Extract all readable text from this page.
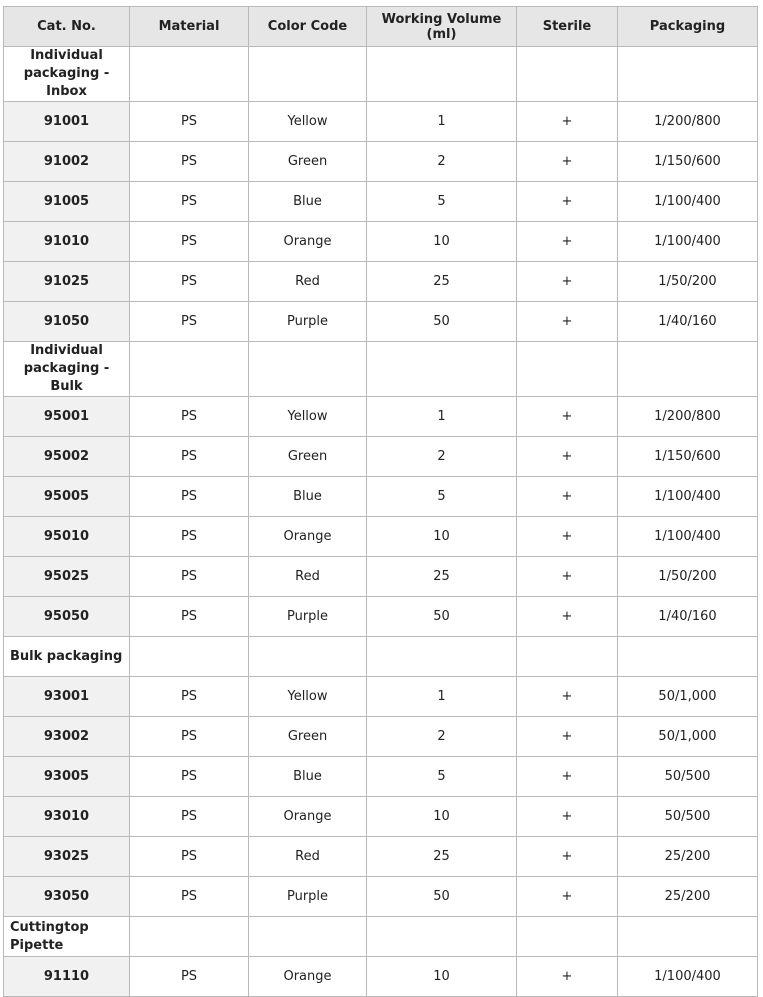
Cat. No.	Material	Color Code	Working Volume (ml)	Sterile	Packaging
Individual packaging - Inbox					
91001	PS	Yellow	1	+	1/200/800
91002	PS	Green	2	+	1/150/600
91005	PS	Blue	5	+	1/100/400
91010	PS	Orange	10	+	1/100/400
91025	PS	Red	25	+	1/50/200
91050	PS	Purple	50	+	1/40/160
Individual packaging - Bulk					
95001	PS	Yellow	1	+	1/200/800
95002	PS	Green	2	+	1/150/600
95005	PS	Blue	5	+	1/100/400
95010	PS	Orange	10	+	1/100/400
95025	PS	Red	25	+	1/50/200
95050	PS	Purple	50	+	1/40/160
Bulk packaging					
93001	PS	Yellow	1	+	50/1,000
93002	PS	Green	2	+	50/1,000
93005	PS	Blue	5	+	50/500
93010	PS	Orange	10	+	50/500
93025	PS	Red	25	+	25/200
93050	PS	Purple	50	+	25/200
Cuttingtop Pipette					
91110	PS	Orange	10	+	1/100/400
